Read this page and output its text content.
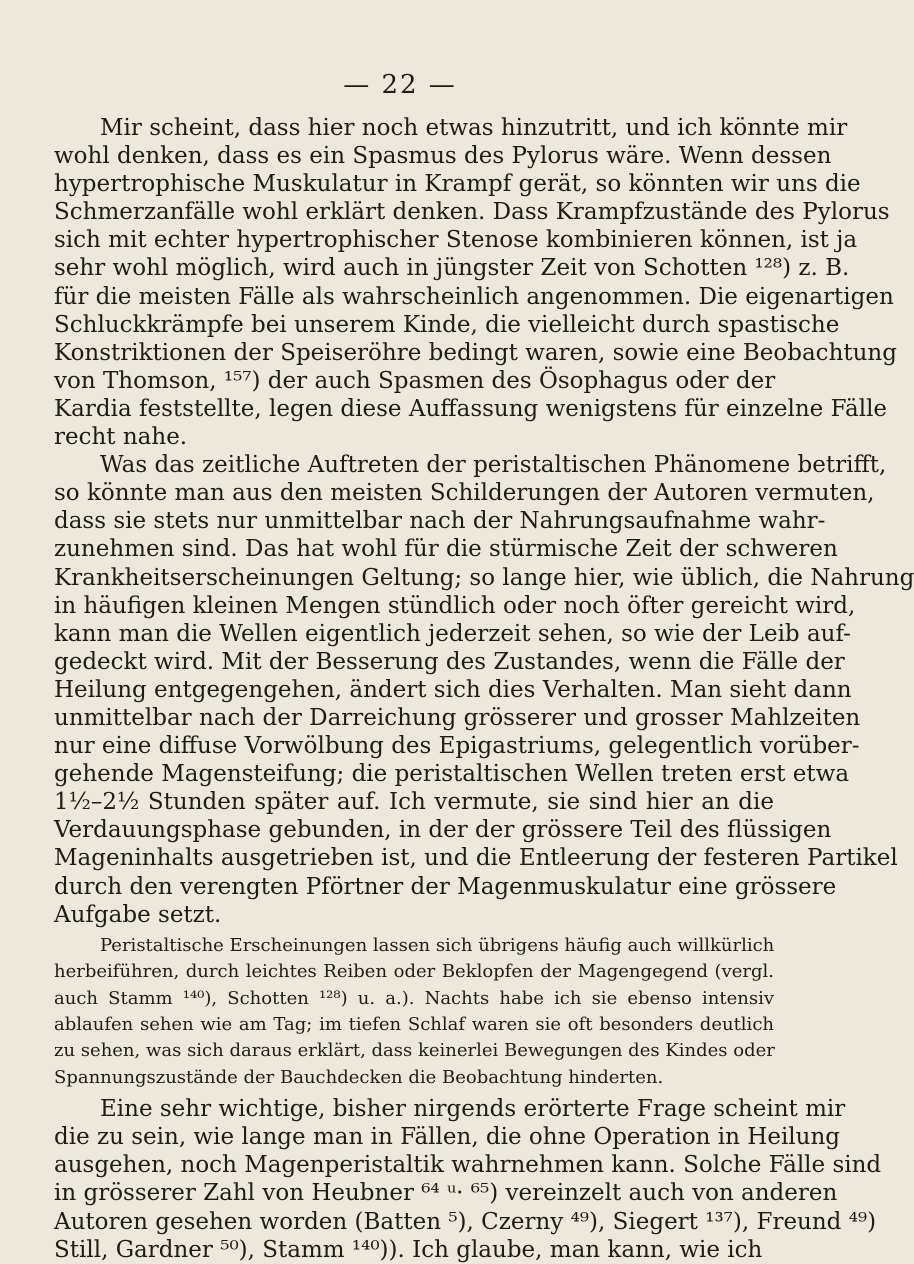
— 22 —
Mir scheint, dass hier noch etwas hinzutritt, und ich könnte mir
wohl denken, dass es ein Spasmus des Pylorus wäre. Wenn dessen
hypertrophische Muskulatur in Krampf gerät, so könnten wir uns die
Schmerzanfälle wohl erklärt denken. Dass Krampfzustände des Pylorus
sich mit echter hypertrophischer Stenose kombinieren können, ist ja
sehr wohl möglich, wird auch in jüngster Zeit von Schotten ¹²⁸) z. B.
für die meisten Fälle als wahrscheinlich angenommen. Die eigenartigen
Schluckkrämpfe bei unserem Kinde, die vielleicht durch spastische
Konstriktionen der Speiseröhre bedingt waren, sowie eine Beobachtung
von Thomson, ¹⁵⁷) der auch Spasmen des Ösophagus oder der
Kardia feststellte, legen diese Auffassung wenigstens für einzelne Fälle
recht nahe.
Was das zeitliche Auftreten der peristaltischen Phänomene betrifft,
so könnte man aus den meisten Schilderungen der Autoren vermuten,
dass sie stets nur unmittelbar nach der Nahrungsaufnahme wahr-
zunehmen sind. Das hat wohl für die stürmische Zeit der schweren
Krankheitserscheinungen Geltung; so lange hier, wie üblich, die Nahrung
in häufigen kleinen Mengen stündlich oder noch öfter gereicht wird,
kann man die Wellen eigentlich jederzeit sehen, so wie der Leib auf-
gedeckt wird. Mit der Besserung des Zustandes, wenn die Fälle der
Heilung entgegengehen, ändert sich dies Verhalten. Man sieht dann
unmittelbar nach der Darreichung grösserer und grosser Mahlzeiten
nur eine diffuse Vorwölbung des Epigastriums, gelegentlich vorüber-
gehende Magensteifung; die peristaltischen Wellen treten erst etwa
1½–2½ Stunden später auf. Ich vermute, sie sind hier an die
Verdauungsphase gebunden, in der der grössere Teil des flüssigen
Mageninhalts ausgetrieben ist, und die Entleerung der festeren Partikel
durch den verengten Pförtner der Magenmuskulatur eine grössere
Aufgabe setzt.
Peristaltische Erscheinungen lassen sich übrigens häufig auch willkürlich
herbeiführen, durch leichtes Reiben oder Beklopfen der Magengegend (vergl.
auch Stamm ¹⁴⁰), Schotten ¹²⁸) u. a.). Nachts habe ich sie ebenso intensiv
ablaufen sehen wie am Tag; im tiefen Schlaf waren sie oft besonders deutlich
zu sehen, was sich daraus erklärt, dass keinerlei Bewegungen des Kindes oder
Spannungszustände der Bauchdecken die Beobachtung hinderten.
Eine sehr wichtige, bisher nirgends erörterte Frage scheint mir
die zu sein, wie lange man in Fällen, die ohne Operation in Heilung
ausgehen, noch Magenperistaltik wahrnehmen kann. Solche Fälle sind
in grösserer Zahl von Heubner ⁶⁴ ᵘ· ⁶⁵) vereinzelt auch von anderen
Autoren gesehen worden (Batten ⁵), Czerny ⁴⁹), Siegert ¹³⁷), Freund ⁴⁹)
Still, Gardner ⁵⁰), Stamm ¹⁴⁰)). Ich glaube, man kann, wie ich
